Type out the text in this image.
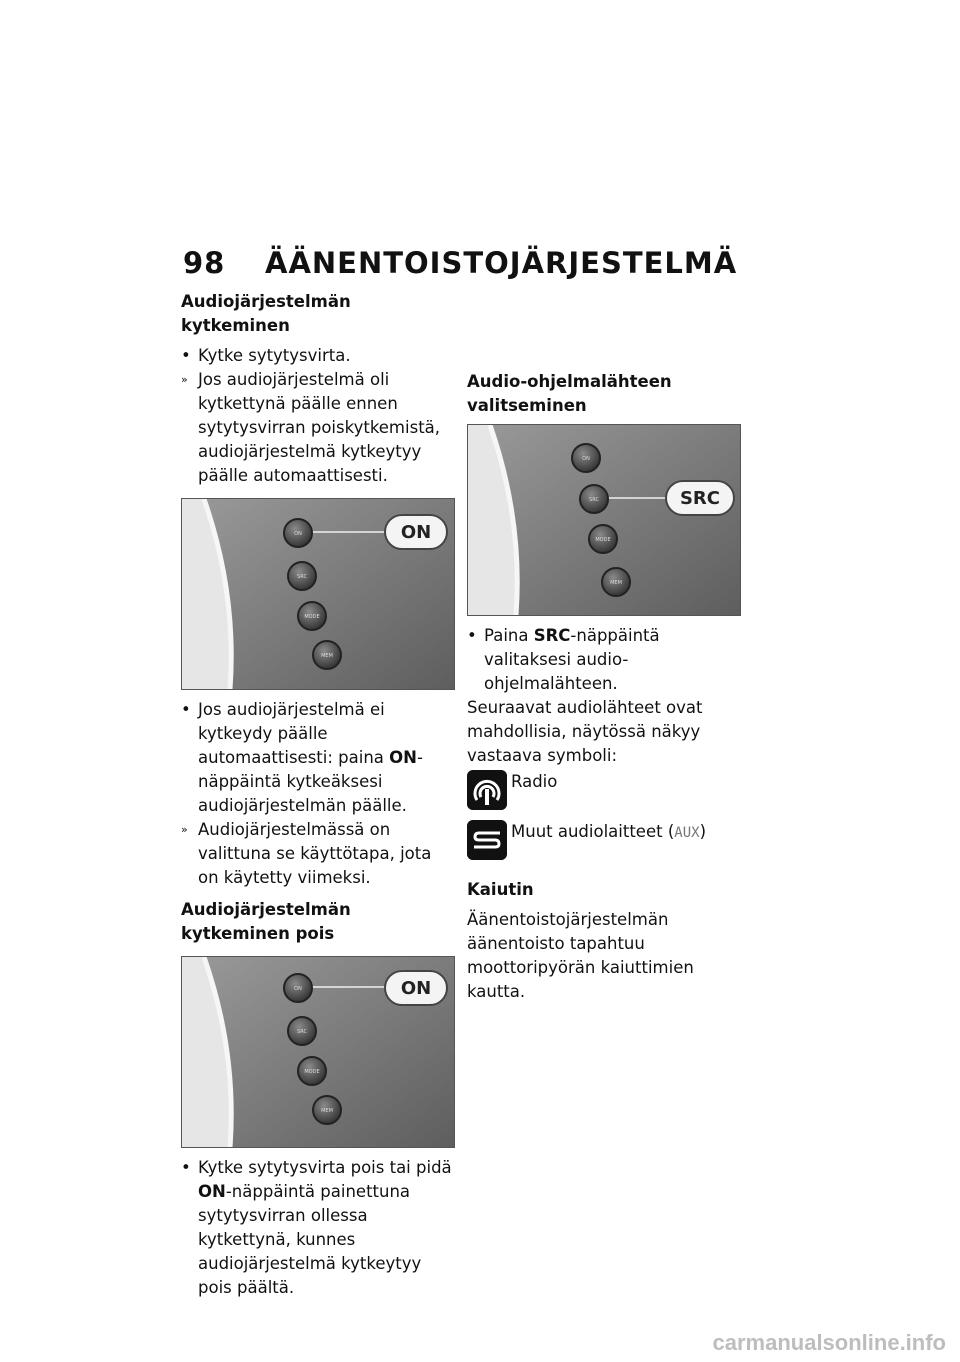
98 ÄÄNENTOISTOJÄRJESTELMÄ
Audiojärjestelmän kytkeminen
• Kytke sytytysvirta.
» Jos audiojärjestelmä oli kytkettynä päälle ennen sytytysvirran poiskytkemistä, audiojärjestelmä kytkeytyy päälle automaattisesti.
ON
SRC
MODE
MEM
ON
• Jos audiojärjestelmä ei kytkeydy päälle automaattisesti: paina ON-näppäintä kytkeäksesi audiojärjestelmän päälle.
» Audiojärjestelmässä on valittuna se käyttötapa, jota on käytetty viimeksi.
Audiojärjestelmän kytkeminen pois
ON
SRC
MODE
MEM
ON
• Kytke sytytysvirta pois tai pidä ON-näppäintä painettuna sytytysvirran ollessa kytkettynä, kunnes audiojärjestelmä kytkeytyy pois päältä.
Audio-ohjelmalähteen valitseminen
ON
SRC
MODE
MEM
SRC
• Paina SRC-näppäintä valitaksesi audio-ohjelmalähteen.

Seuraavat audiolähteet ovat mahdollisia, näytössä näkyy vastaava symboli:

Radio
Muut audiolaitteet (AUX)
Kaiutin

Äänentoistojärjestelmän äänentoisto tapahtuu moottoripyörän kaiuttimien kautta.

carmanualsonline.info
